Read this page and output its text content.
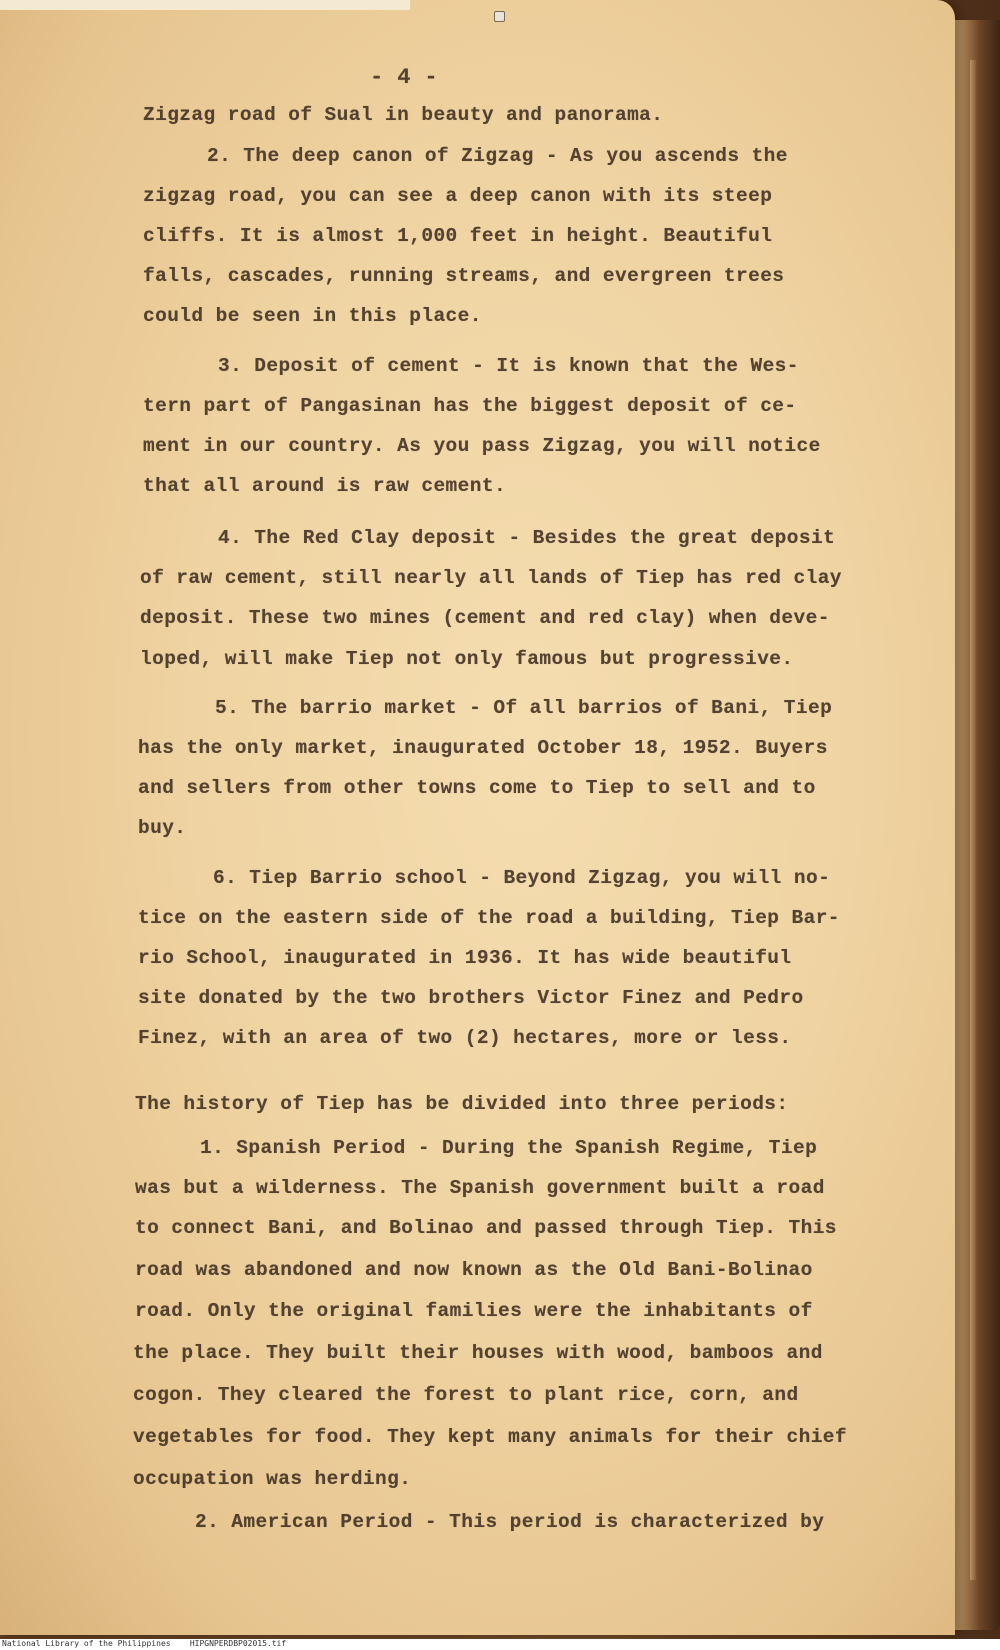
- 4 -
Zigzag road of Sual in beauty and panorama.
2. The deep canon of Zigzag - As you ascends the
zigzag road, you can see a deep canon with its steep
cliffs. It is almost 1,000 feet in height. Beautiful
falls, cascades, running streams, and evergreen trees
could be seen in this place.
3. Deposit of cement - It is known that the Wes-
tern part of Pangasinan has the biggest deposit of ce-
ment in our country. As you pass Zigzag, you will notice
that all around is raw cement.
4. The Red Clay deposit - Besides the great deposit
of raw cement, still nearly all lands of Tiep has red clay
deposit. These two mines (cement and red clay) when deve-
loped, will make Tiep not only famous but progressive.
5. The barrio market - Of all barrios of Bani, Tiep
has the only market, inaugurated October 18, 1952. Buyers
and sellers from other towns come to Tiep to sell and to
buy.
6. Tiep Barrio school - Beyond Zigzag, you will no-
tice on the eastern side of the road a building, Tiep Bar-
rio School, inaugurated in 1936. It has wide beautiful
site donated by the two brothers Victor Finez and Pedro
Finez, with an area of two (2) hectares, more or less.
The history of Tiep has be divided into three periods:
1. Spanish Period - During the Spanish Regime, Tiep
was but a wilderness. The Spanish government built a road
to connect Bani, and Bolinao and passed through Tiep. This
road was abandoned and now known as the Old Bani-Bolinao
road. Only the original families were the inhabitants of
the place. They built their houses with wood, bamboos and
cogon. They cleared the forest to plant rice, corn, and
vegetables for food. They kept many animals for their chief
occupation was herding.
2. American Period - This period is characterized by
National Library of the Philippines    HIPGNPERDBP02015.tif
